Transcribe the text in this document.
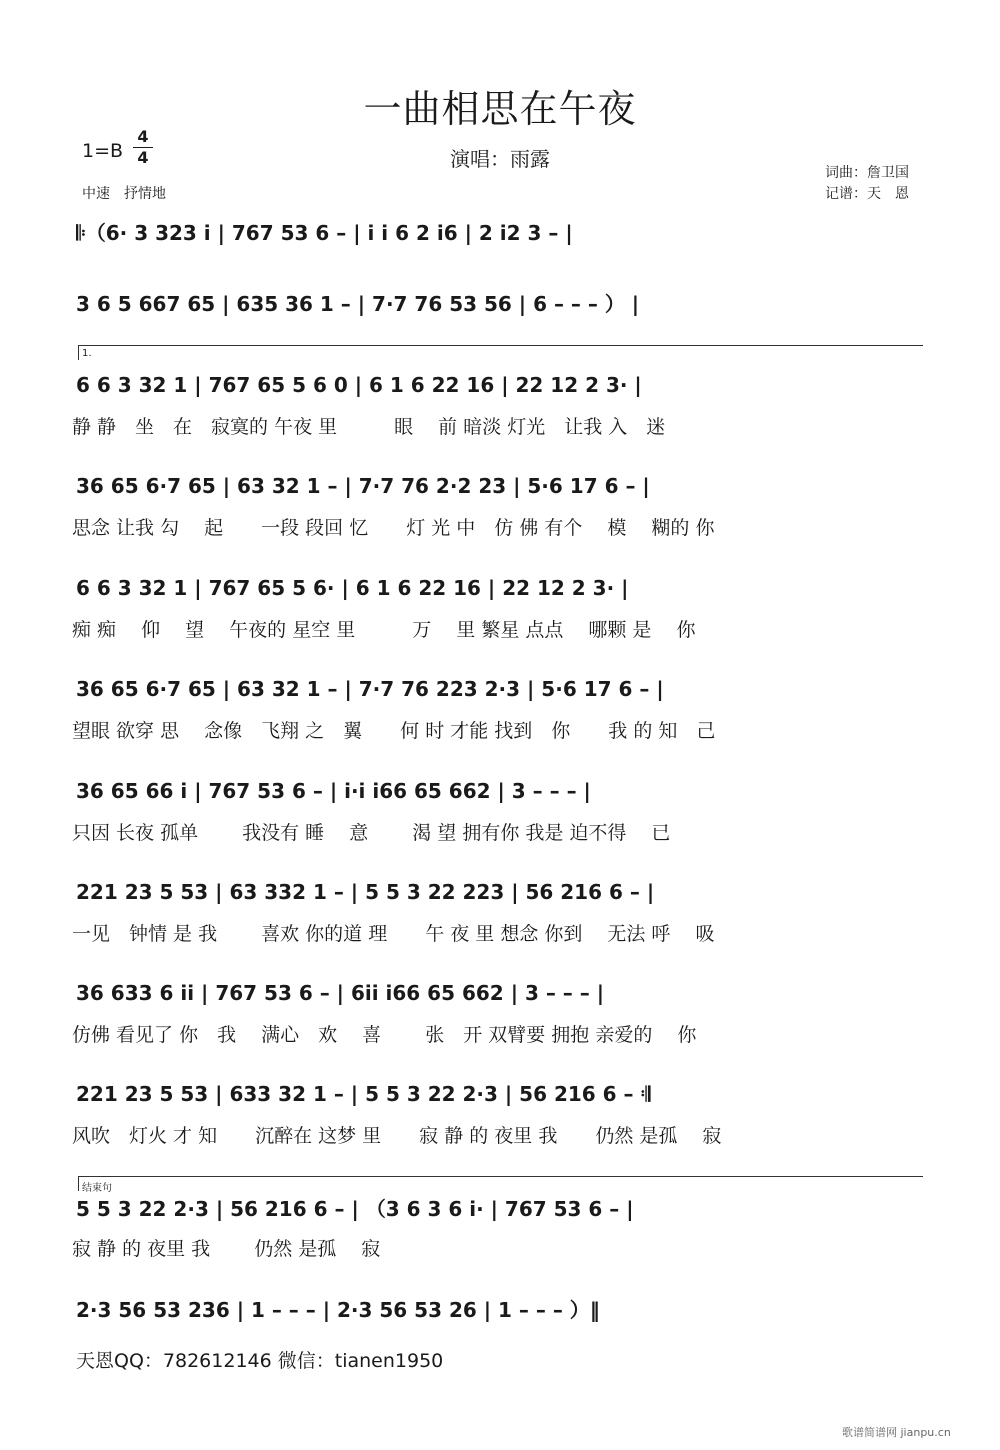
一曲相思在午夜
1=B
4
4
中速　抒情地
演唱：雨露
词曲：詹卫国
记谱：天　恩
1.
结束句
𝄆（6· 3 323 i | 767 53 6 – | i i 6 2 i6 | 2 i2 3 – |
3 6 5 667 65 | 635 36 1 – | 7·7 76 53 56 | 6 – – – ） |
6 6 3 32 1 | 767 65 5 6 0 | 6 1 6 22 16 | 22 12 2 3· |
静 静　坐　在　寂寞的 午夜 里　　　眼　 前 暗淡 灯光　让我 入　迷
36 65 6·7 65 | 63 32 1 – | 7·7 76 2·2 23 | 5·6 17 6 – |
思念 让我 勾　 起　　一段 段回 忆　　灯 光 中　仿 佛 有个　 模　 糊的 你
6 6 3 32 1 | 767 65 5 6· | 6 1 6 22 16 | 22 12 2 3· |
痴 痴　 仰　 望　 午夜的 星空 里　　　万　 里 繁星 点点　 哪颗 是　 你
36 65 6·7 65 | 63 32 1 – | 7·7 76 223 2·3 | 5·6 17 6 – |
望眼 欲穿 思　 念像　飞翔 之　翼　　何 时 才能 找到　你　　我 的 知　己
36 65 66 i | 767 53 6 – | i·i i66 65 662 | 3 – – – |
只因 长夜 孤单　　 我没有 睡　 意　　 渴 望 拥有你 我是 迫不得　 已
221 23 5 53 | 63 332 1 – | 5 5 3 22 223 | 56 216 6 – |
一见　钟情 是 我　　 喜欢 你的道 理　　午 夜 里 想念 你到　 无法 呼　 吸
36 633 6 ii | 767 53 6 – | 6ii i66 65 662 | 3 – – – |
仿佛 看见了 你　我　 满心　欢　 喜　　 张　开 双臂要 拥抱 亲爱的　 你
221 23 5 53 | 633 32 1 – | 5 5 3 22 2·3 | 56 216 6 – 𝄇
风吹　灯火 才 知　　沉醉在 这梦 里　　寂 静 的 夜里 我　　仍然 是孤　 寂
5 5 3 22 2·3 | 56 216 6 – | （3 6 3 6 i· | 767 53 6 – |
寂 静 的 夜里 我　　 仍然 是孤　 寂
2·3 56 53 236 | 1 – – – | 2·3 56 53 26 | 1 – – – ）‖
天恩QQ：782612146 微信：tianen1950
歌谱简谱网 jianpu.cn
